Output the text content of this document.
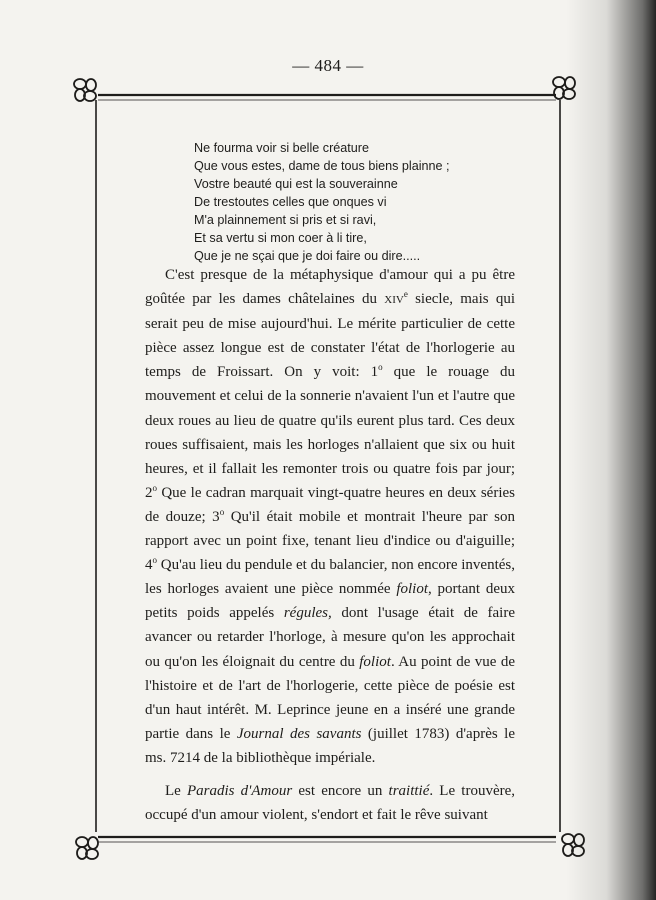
— 484 —
Ne fourma voir si belle créature
Que vous estes, dame de tous biens plainne ;
Vostre beauté qui est la souverainne
De trestoutes celles que onques vi
M'a plainnement si pris et si ravi,
Et sa vertu si mon coer à li tire,
Que je ne sçai que je doi faire ou dire.....

C'est presque de la métaphysique d'amour qui a pu être goûtée par les dames châtelaines du XIVe siecle, mais qui serait peu de mise aujourd'hui. Le mérite particulier de cette pièce assez longue est de constater l'état de l'horlogerie au temps de Froissart. On y voit: 1$^o$ que le rouage du mouvement et celui de la sonnerie n'avaient l'un et l'autre que deux roues au lieu de quatre qu'ils eurent plus tard. Ces deux roues suffisaient, mais les horloges n'allaient que six ou huit heures, et il fallait les remonter trois ou quatre fois par jour; 2$^o$ Que le cadran marquait vingt-quatre heures en deux séries de douze; 3$^o$ Qu'il était mobile et montrait l'heure par son rapport avec un point fixe, tenant lieu d'indice ou d'aiguille; 4$^o$ Qu'au lieu du pendule et du balancier, non encore inventés, les horloges avaient une pièce nommée foliot, portant deux petits poids appelés régules, dont l'usage était de faire avancer ou retarder l'horloge, à mesure qu'on les approchait ou qu'on les éloignait du centre du foliot. Au point de vue de l'histoire et de l'art de l'horlogerie, cette pièce de poésie est d'un haut intérêt. M. Leprince jeune en a inséré une grande partie dans le Journal des savants (juillet 1783) d'après le ms. 7214 de la bibliothèque impériale.

Le Paradis d'Amour est encore un traittié. Le trouvère, occupé d'un amour violent, s'endort et fait le rêve suivant
